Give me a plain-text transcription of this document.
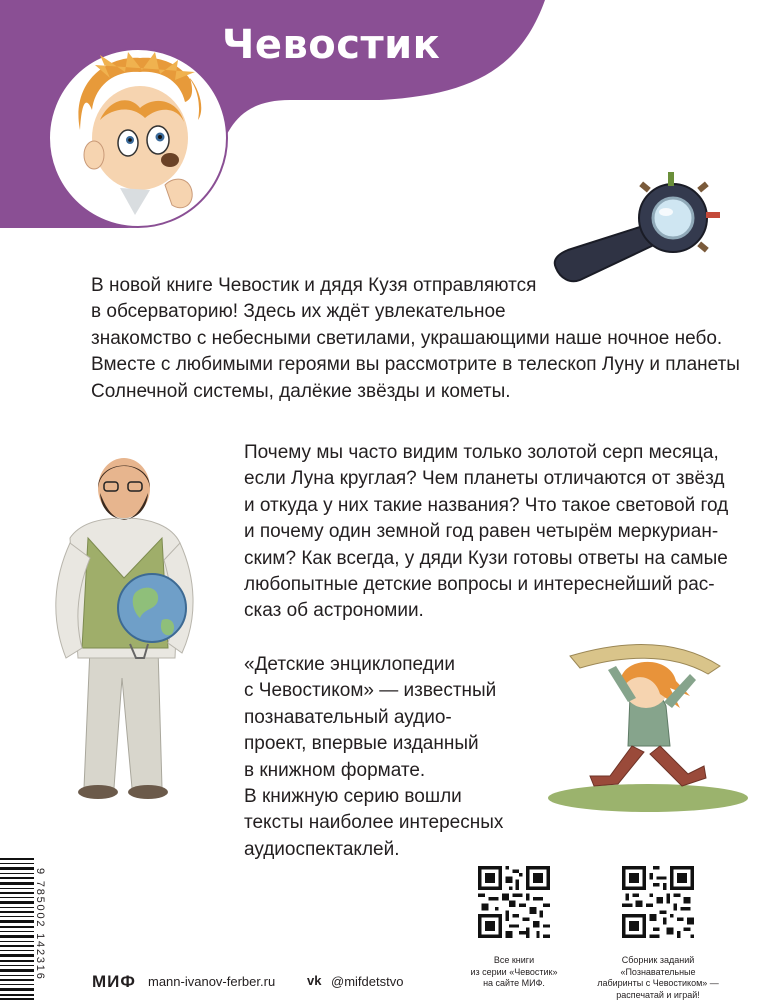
Чевостик
В новой книге Чевостик и дядя Кузя отправляются
в обсерваторию! Здесь их ждёт увлекательное
знакомство с небесными светилами, украшающими наше ночное небо.
Вместе с любимыми героями вы рассмотрите в телескоп Луну и планеты
Солнечной системы, далёкие звёзды и кометы.
Почему мы часто видим только золотой серп месяца,
если Луна круглая? Чем планеты отличаются от звёзд
и откуда у них такие названия? Что такое световой год
и почему один земной год равен четырём меркуриан-
ским? Как всегда, у дяди Кузи готовы ответы на самые
любопытные детские вопросы и интереснейший рас-
сказ об астрономии.
«Детские энциклопедии
с Чевостиком» — известный
познавательный аудио-
проект, впервые изданный
в книжном формате.
В книжную серию вошли
тексты наиболее интересных
аудиоспектаклей.
9 785002 142316
МИФ mann-ivanov-ferber.ru vk @mifdetstvo
Все книги
из серии «Чевостик»
на сайте МИФ.
Сборник заданий «Познавательные
лабиринты с Чевостиком» —
распечатай и играй!
